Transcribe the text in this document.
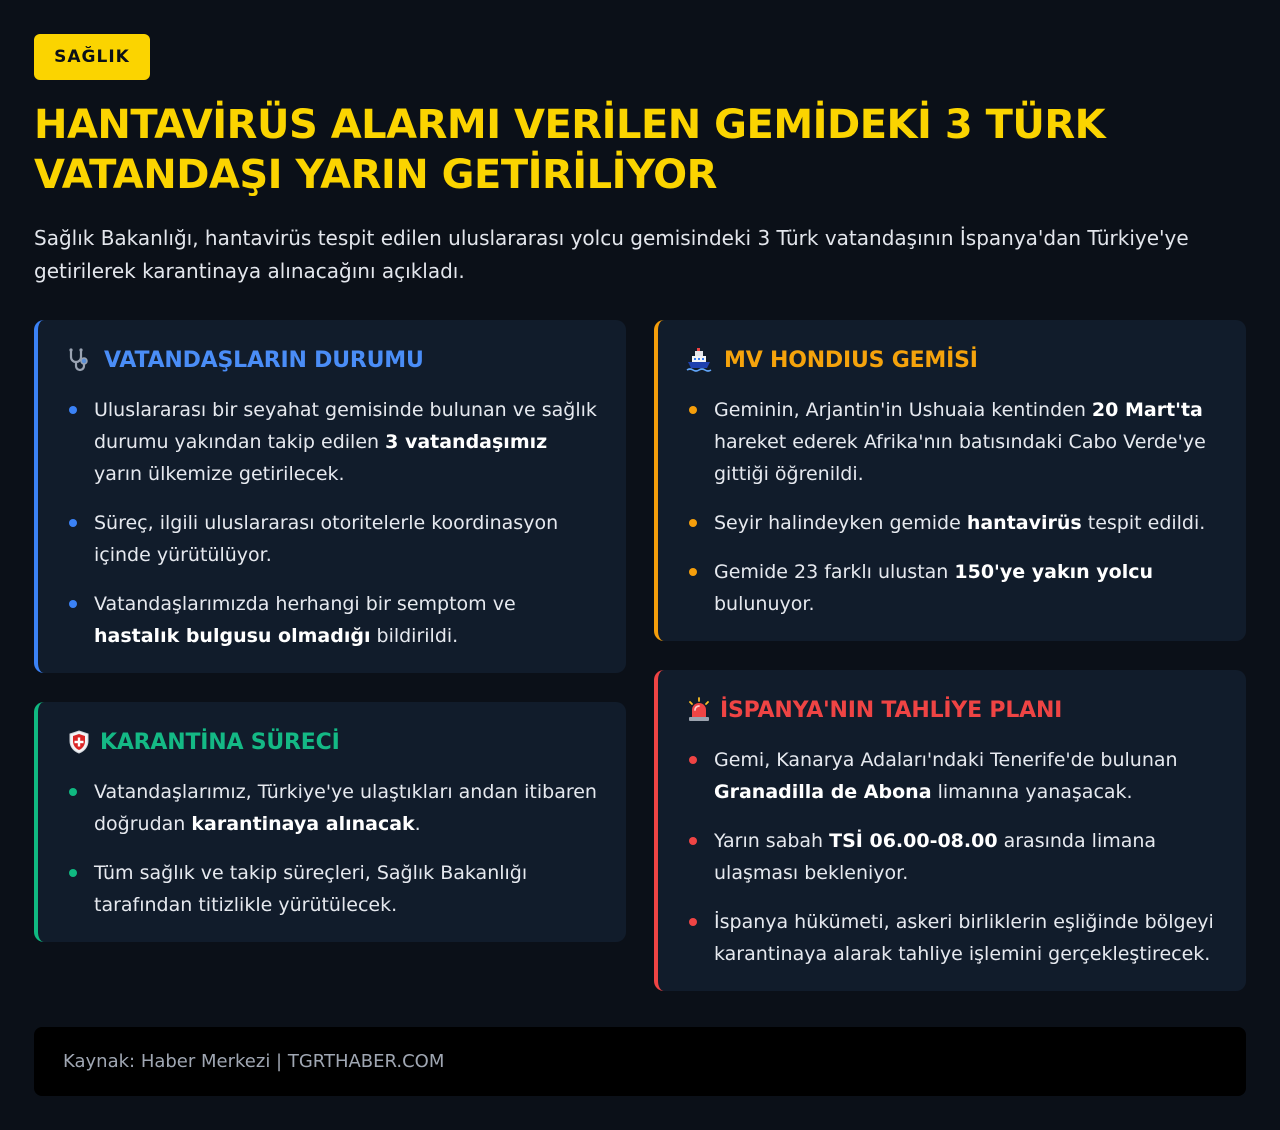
SAĞLIK
HANTAVİRÜS ALARMI VERİLEN GEMİDEKİ 3 TÜRK VATANDAŞI YARIN GETİRİLİYOR

Sağlık Bakanlığı, hantavirüs tespit edilen uluslararası yolcu gemisindeki 3 Türk vatandaşının İspanya'dan Türkiye'ye getirilerek karantinaya alınacağını açıkladı.

VATANDAŞLARIN DURUMU
Uluslararası bir seyahat gemisinde bulunan ve sağlık durumu yakından takip edilen 3 vatandaşımız yarın ülkemize getirilecek.
Süreç, ilgili uluslararası otoritelerle koordinasyon içinde yürütülüyor.
Vatandaşlarımızda herhangi bir semptom ve hastalık bulgusu olmadığı bildirildi.
MV HONDIUS GEMİSİ
Geminin, Arjantin'in Ushuaia kentinden 20 Mart'ta hareket ederek Afrika'nın batısındaki Cabo Verde'ye gittiği öğrenildi.
Seyir halindeyken gemide hantavirüs tespit edildi.
Gemide 23 farklı ulustan 150'ye yakın yolcu bulunuyor.
KARANTİNA SÜRECİ
Vatandaşlarımız, Türkiye'ye ulaştıkları andan itibaren doğrudan karantinaya alınacak.
Tüm sağlık ve takip süreçleri, Sağlık Bakanlığı tarafından titizlikle yürütülecek.
İSPANYA'NIN TAHLİYE PLANI
Gemi, Kanarya Adaları'ndaki Tenerife'de bulunan Granadilla de Abona limanına yanaşacak.
Yarın sabah TSİ 06.00-08.00 arasında limana ulaşması bekleniyor.
İspanya hükümeti, askeri birliklerin eşliğinde bölgeyi karantinaya alarak tahliye işlemini gerçekleştirecek.
Kaynak: Haber Merkezi | TGRTHABER.COM
